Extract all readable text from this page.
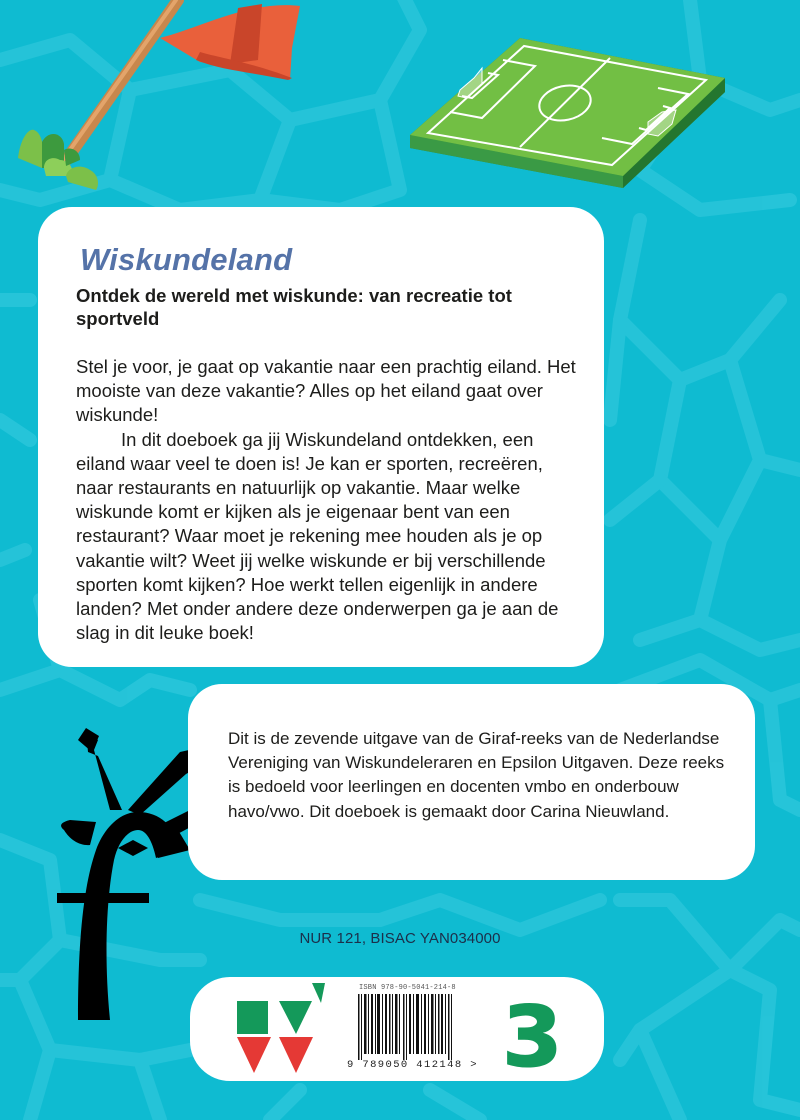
Wiskundeland
Ontdek de wereld met wiskunde: van recreatie tot sportveld

Stel je voor, je gaat op vakantie naar een prachtig eiland. Het mooiste van deze vakantie? Alles op het eiland gaat over wiskunde!

In dit doeboek ga jij Wiskundeland ontdekken, een eiland waar veel te doen is! Je kan er sporten, recreëren, naar restaurants en natuurlijk op vakantie. Maar welke wiskunde komt er kijken als je eigenaar bent van een restaurant? Waar moet je rekening mee houden als je op vakantie wilt? Weet jij welke wiskunde er bij verschillende sporten komt kijken? Hoe werkt tellen eigenlijk in andere landen? Met onder andere deze onderwerpen ga je aan de slag in dit leuke boek!

Dit is de zevende uitgave van de Giraf-reeks van de Nederlandse Vereniging van Wiskundeleraren en Epsilon Uitgaven. Deze reeks is bedoeld voor leerlingen en docenten vmbo en onderbouw havo/vwo. Dit doeboek is gemaakt door Carina Nieuwland.

NUR 121, BISAC YAN034000
ISBN 978-90-5041-214-8
9 789050 412148 > ε
